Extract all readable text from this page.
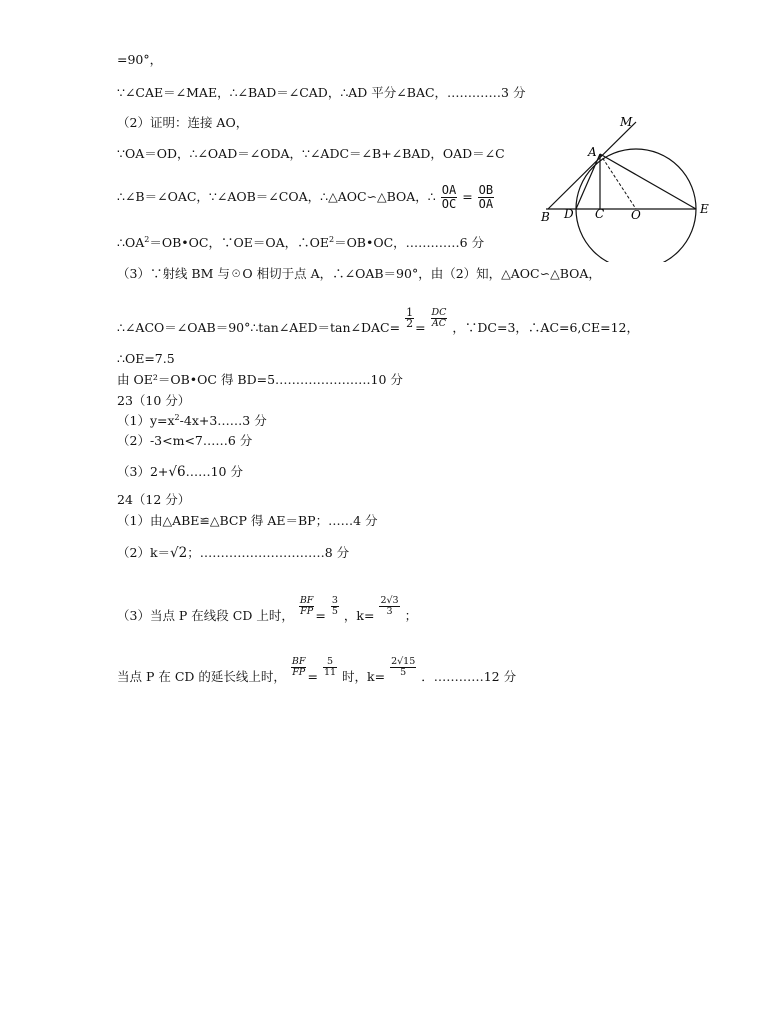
=90°，
∵∠CAE＝∠MAE，∴∠BAD＝∠CAD，∴AD 平分∠BAC，…….……3 分
（2）证明：连接 AO，
∵OA＝OD，∴∠OAD＝∠ODA，∵∠ADC＝∠B+∠BAD，OAD＝∠C
∴∠B＝∠OAC，∵∠AOB＝∠COA，∴△AOC∽△BOA，∴ $\frac{OA}{OC} = \frac{OB}{OA}$
$\therefore OA^2=OB•OC$，∵OE＝OA，$\therefore OE^2=OB•OC$，…….……6 分
（3）∵射线 BM 与☉O 相切于点 A，∴∠OAB＝90°，由（2）知，△AOC∽△BOA，
∴∠ACO＝∠OAB＝90°∴tan∠AED＝tan∠DAC= $\frac{1}{2} = \frac{DC}{AC}$ ，∵DC=3，∴AC=6,CE=12，
∴OE=7.5
由 OE²＝OB•OC 得 BD=5……………….….10 分
23（10 分）
$(1)y=x^2-4x+3\dots\dots 3$ 分
（2）-3<m<7……6 分
（3）2+√6……10 分
24（12 分）
（1）由△ABE≌△BCP 得 AE＝BP；……4 分
（2）k＝√2；…………………………8 分
（3）当点 P 在线段 CD 上时， $\frac{BF}{FP} = \frac{3}{5}$ ，$k= \frac{2√3}{3}$ ；
当点 P 在 CD 的延长线上时， $\frac{BF}{FP} = \frac{5}{11}$ 时，$k= \frac{2√15}{5}$ ．…………12 分
M
A
B D C O	E
